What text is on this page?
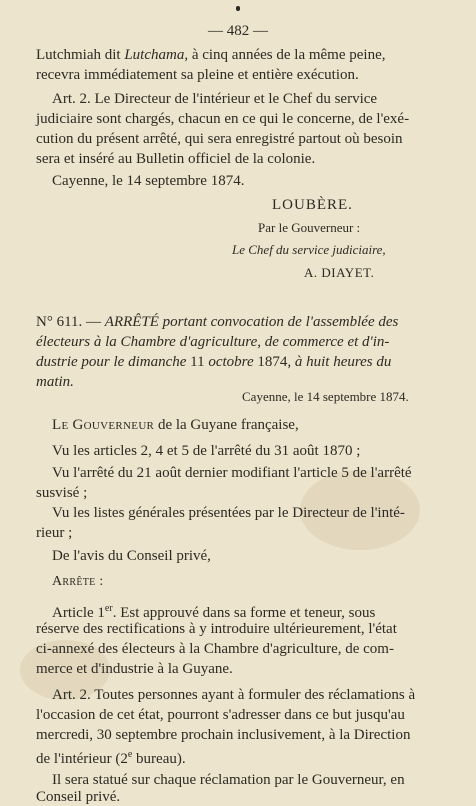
— 482 —
Lutchmiah dit Lutchama, à cinq années de la même peine,
recevra immédiatement sa pleine et entière exécution.
Art. 2. Le Directeur de l'intérieur et le Chef du service
judiciaire sont chargés, chacun en ce qui le concerne, de l'exé-
cution du présent arrêté, qui sera enregistré partout où besoin
sera et inséré au Bulletin officiel de la colonie.
Cayenne, le 14 septembre 1874.
LOUBÈRE.
Par le Gouverneur :
Le Chef du service judiciaire,
A. DIAYET.
N° 611. — ARRÊTÉ portant convocation de l'assemblée des
électeurs à la Chambre d'agriculture, de commerce et d'in-
dustrie pour le dimanche 11 octobre 1874, à huit heures du
matin.
Cayenne, le 14 septembre 1874.
Le Gouverneur de la Guyane française,
Vu les articles 2, 4 et 5 de l'arrêté du 31 août 1870 ;
Vu l'arrêté du 21 août dernier modifiant l'article 5 de l'arrêté
susvisé ;
Vu les listes générales présentées par le Directeur de l'inté-
rieur ;
De l'avis du Conseil privé,
Arrête :
Article 1er. Est approuvé dans sa forme et teneur, sous
réserve des rectifications à y introduire ultérieurement, l'état
ci-annexé des électeurs à la Chambre d'agriculture, de com-
merce et d'industrie à la Guyane.
Art. 2. Toutes personnes ayant à formuler des réclamations à
l'occasion de cet état, pourront s'adresser dans ce but jusqu'au
mercredi, 30 septembre prochain inclusivement, à la Direction
de l'intérieur (2e bureau).
Il sera statué sur chaque réclamation par le Gouverneur, en
Conseil privé.
